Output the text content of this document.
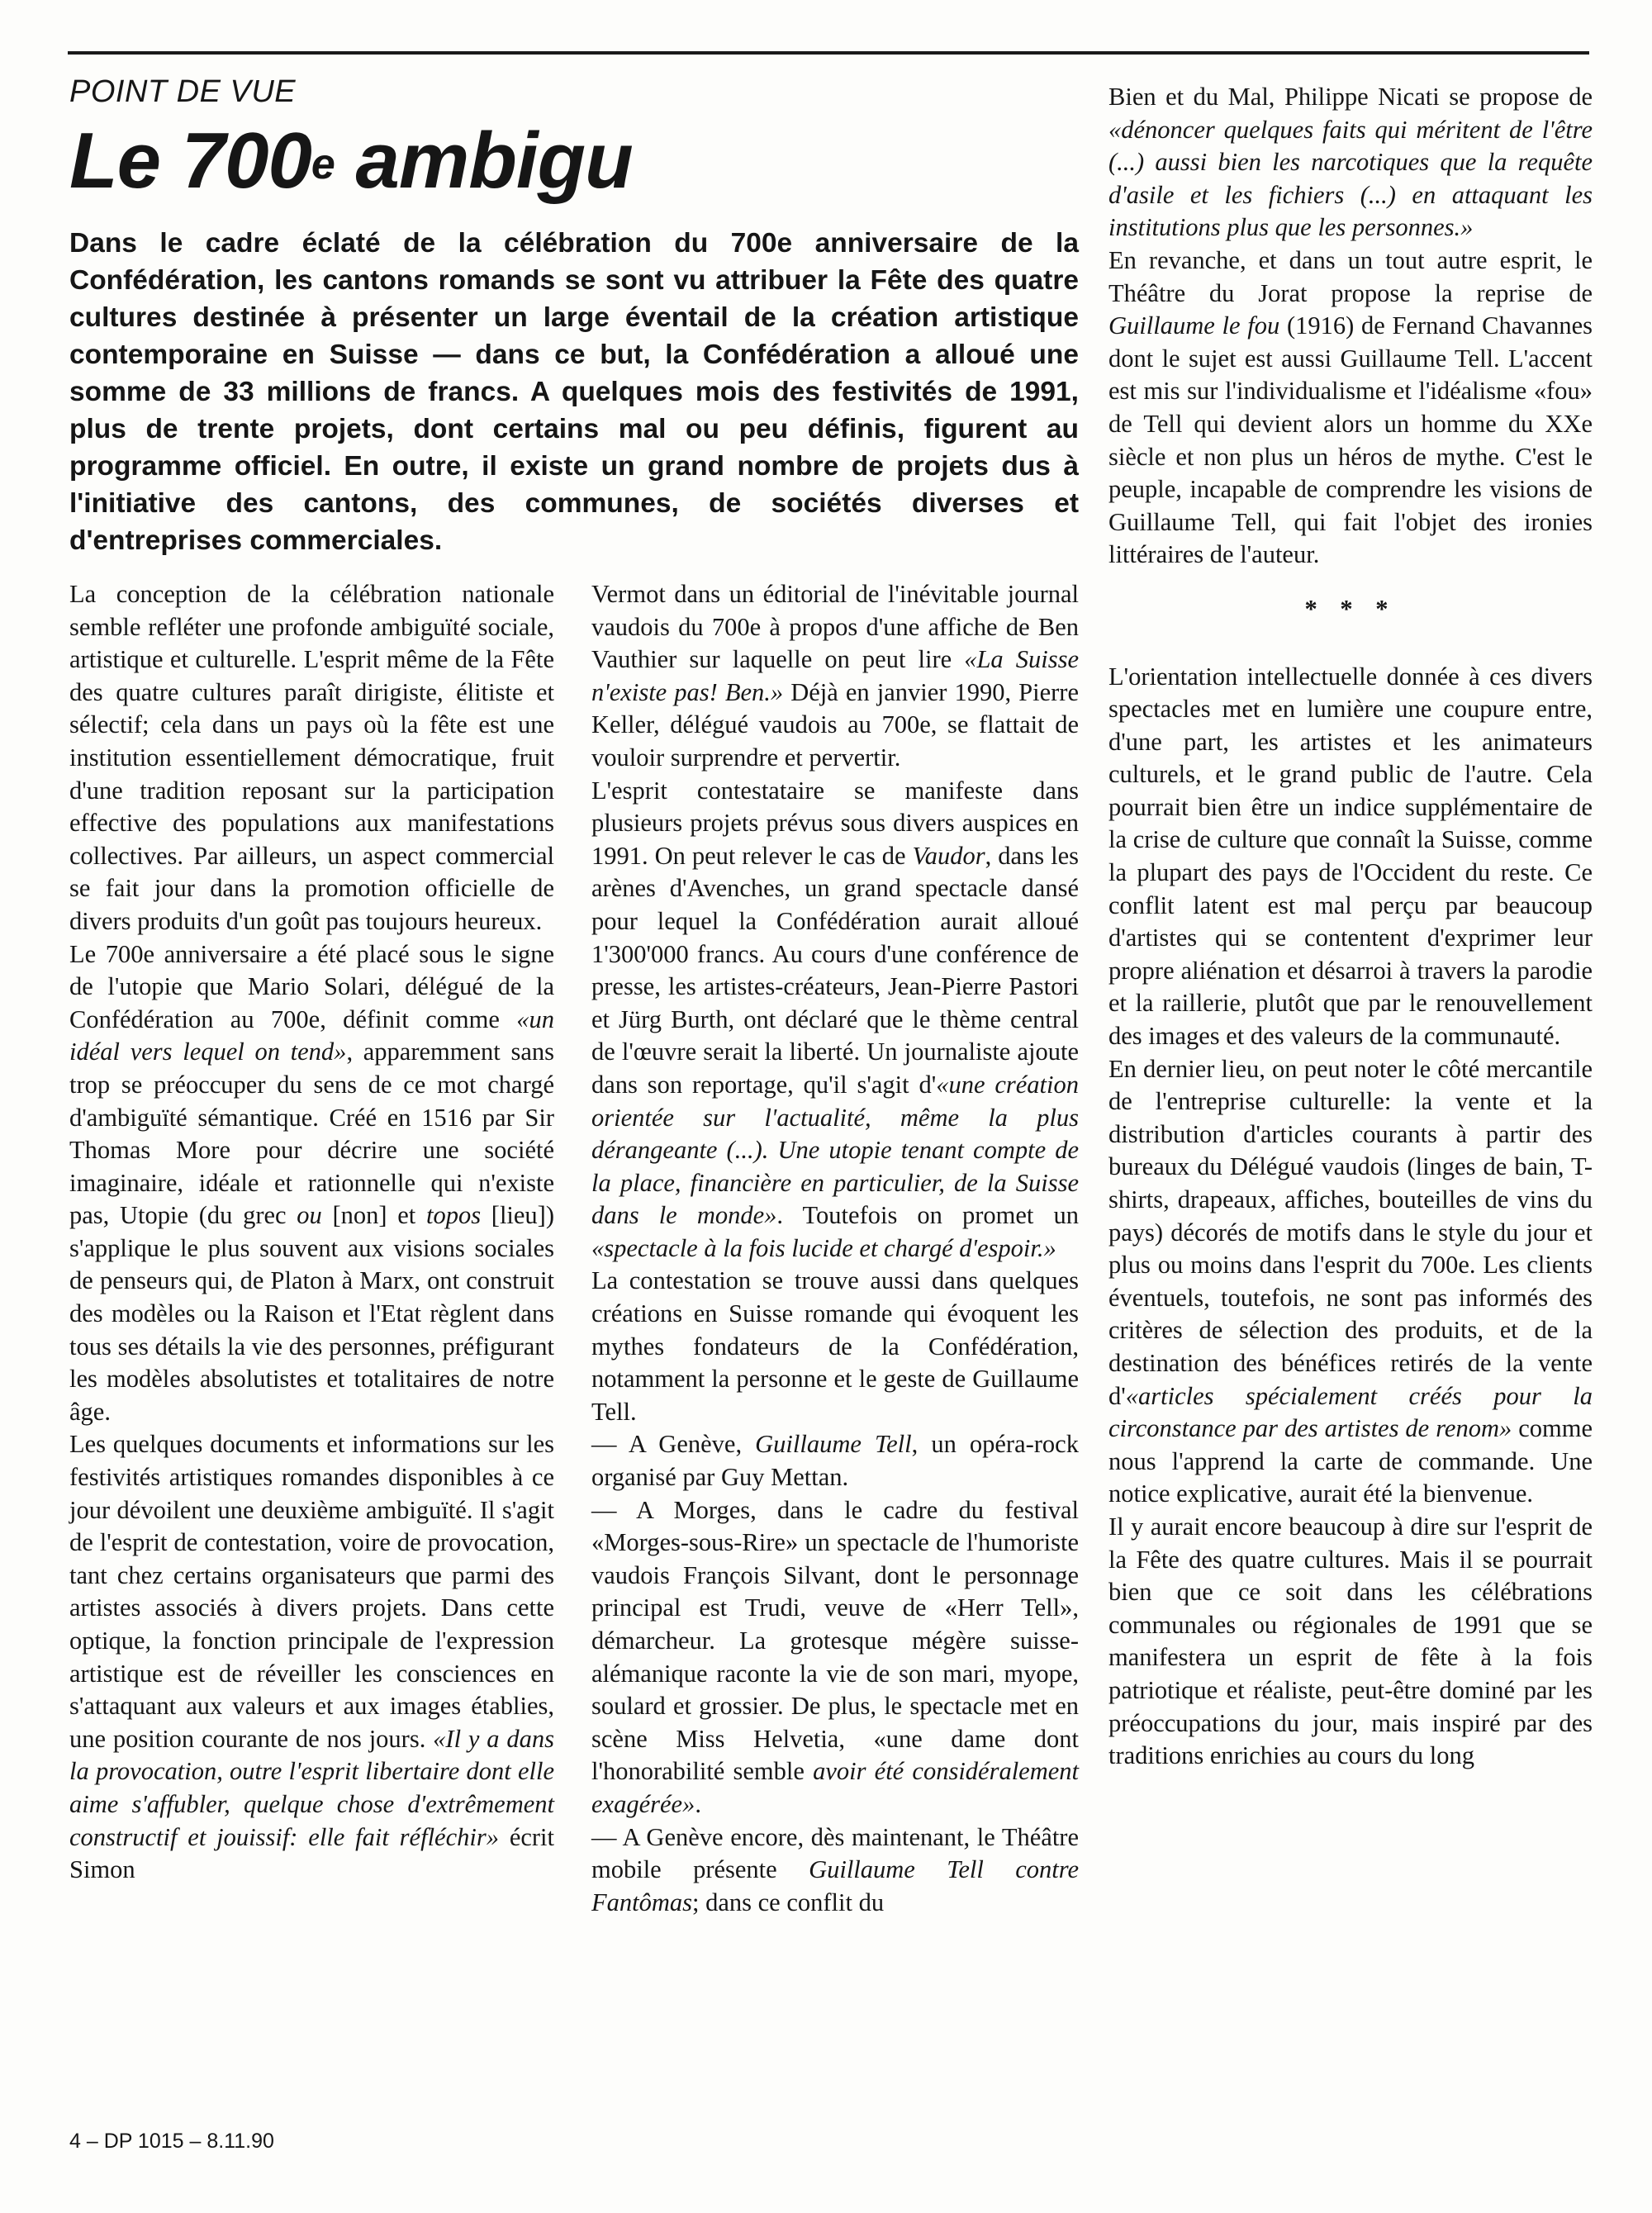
POINT DE VUE
Le 700e ambigu
Dans le cadre éclaté de la célébration du 700e anniversaire de la Confédération, les cantons romands se sont vu attribuer la Fête des quatre cultures destinée à présenter un large éventail de la création artistique contemporaine en Suisse — dans ce but, la Confédération a alloué une somme de 33 millions de francs. A quelques mois des festivités de 1991, plus de trente projets, dont certains mal ou peu définis, figurent au programme officiel. En outre, il existe un grand nombre de projets dus à l'initiative des cantons, des communes, de sociétés diverses et d'entreprises commerciales.

La conception de la célébration nationale semble refléter une profonde ambiguïté sociale, artistique et culturelle. L'esprit même de la Fête des quatre cultures paraît dirigiste, élitiste et sélectif; cela dans un pays où la fête est une institution essentiellement démocratique, fruit d'une tradition reposant sur la participation effective des populations aux manifestations collectives. Par ailleurs, un aspect commercial se fait jour dans la promotion officielle de divers produits d'un goût pas toujours heureux.

Le 700e anniversaire a été placé sous le signe de l'utopie que Mario Solari, délégué de la Confédération au 700e, définit comme «un idéal vers lequel on tend», apparemment sans trop se préoccuper du sens de ce mot chargé d'ambiguïté sémantique. Créé en 1516 par Sir Thomas More pour décrire une société imaginaire, idéale et rationnelle qui n'existe pas, Utopie (du grec ou [non] et topos [lieu]) s'applique le plus souvent aux visions sociales de penseurs qui, de Platon à Marx, ont construit des modèles ou la Raison et l'Etat règlent dans tous ses détails la vie des personnes, préfigurant les modèles absolutistes et totalitaires de notre âge.

Les quelques documents et informations sur les festivités artistiques romandes disponibles à ce jour dévoilent une deuxième ambiguïté. Il s'agit de l'esprit de contestation, voire de provocation, tant chez certains organisateurs que parmi des artistes associés à divers projets. Dans cette optique, la fonction principale de l'expression artistique est de réveiller les consciences en s'attaquant aux valeurs et aux images établies, une position courante de nos jours. «Il y a dans la provocation, outre l'esprit libertaire dont elle aime s'affubler, quelque chose d'extrêmement constructif et jouissif: elle fait réfléchir» écrit Simon

Vermot dans un éditorial de l'inévitable journal vaudois du 700e à propos d'une affiche de Ben Vauthier sur laquelle on peut lire «La Suisse n'existe pas! Ben.» Déjà en janvier 1990, Pierre Keller, délégué vaudois au 700e, se flattait de vouloir surprendre et pervertir.

L'esprit contestataire se manifeste dans plusieurs projets prévus sous divers auspices en 1991. On peut relever le cas de Vaudor, dans les arènes d'Avenches, un grand spectacle dansé pour lequel la Confédération aurait alloué 1'300'000 francs. Au cours d'une conférence de presse, les artistes-créateurs, Jean-Pierre Pastori et Jürg Burth, ont déclaré que le thème central de l'œuvre serait la liberté. Un journaliste ajoute dans son reportage, qu'il s'agit d'«une création orientée sur l'actualité, même la plus dérangeante (...). Une utopie tenant compte de la place, financière en particulier, de la Suisse dans le monde». Toutefois on promet un «spectacle à la fois lucide et chargé d'espoir.»

La contestation se trouve aussi dans quelques créations en Suisse romande qui évoquent les mythes fondateurs de la Confédération, notamment la personne et le geste de Guillaume Tell.

— A Genève, Guillaume Tell, un opéra-rock organisé par Guy Mettan.

— A Morges, dans le cadre du festival «Morges-sous-Rire» un spectacle de l'humoriste vaudois François Silvant, dont le personnage principal est Trudi, veuve de «Herr Tell», démarcheur. La grotesque mégère suisse-alémanique raconte la vie de son mari, myope, soulard et grossier. De plus, le spectacle met en scène Miss Helvetia, «une dame dont l'honorabilité semble avoir été considéralement exagérée».

— A Genève encore, dès maintenant, le Théâtre mobile présente Guillaume Tell contre Fantômas; dans ce conflit du

Bien et du Mal, Philippe Nicati se propose de «dénoncer quelques faits qui méritent de l'être (...) aussi bien les narcotiques que la requête d'asile et les fichiers (...) en attaquant les institutions plus que les personnes.»

En revanche, et dans un tout autre esprit, le Théâtre du Jorat propose la reprise de Guillaume le fou (1916) de Fernand Chavannes dont le sujet est aussi Guillaume Tell. L'accent est mis sur l'individualisme et l'idéalisme «fou» de Tell qui devient alors un homme du XXe siècle et non plus un héros de mythe. C'est le peuple, incapable de comprendre les visions de Guillaume Tell, qui fait l'objet des ironies littéraires de l'auteur.

* * *

L'orientation intellectuelle donnée à ces divers spectacles met en lumière une coupure entre, d'une part, les artistes et les animateurs culturels, et le grand public de l'autre. Cela pourrait bien être un indice supplémentaire de la crise de culture que connaît la Suisse, comme la plupart des pays de l'Occident du reste. Ce conflit latent est mal perçu par beaucoup d'artistes qui se contentent d'exprimer leur propre aliénation et désarroi à travers la parodie et la raillerie, plutôt que par le renouvellement des images et des valeurs de la communauté.

En dernier lieu, on peut noter le côté mercantile de l'entreprise culturelle: la vente et la distribution d'articles courants à partir des bureaux du Délégué vaudois (linges de bain, T-shirts, drapeaux, affiches, bouteilles de vins du pays) décorés de motifs dans le style du jour et plus ou moins dans l'esprit du 700e. Les clients éventuels, toutefois, ne sont pas informés des critères de sélection des produits, et de la destination des bénéfices retirés de la vente d'«articles spécialement créés pour la circonstance par des artistes de renom» comme nous l'apprend la carte de commande. Une notice explicative, aurait été la bienvenue.

Il y aurait encore beaucoup à dire sur l'esprit de la Fête des quatre cultures. Mais il se pourrait bien que ce soit dans les célébrations communales ou régionales de 1991 que se manifestera un esprit de fête à la fois patriotique et réaliste, peut-être dominé par les préoccupations du jour, mais inspiré par des traditions enrichies au cours du long

4 – DP 1015 – 8.11.90
